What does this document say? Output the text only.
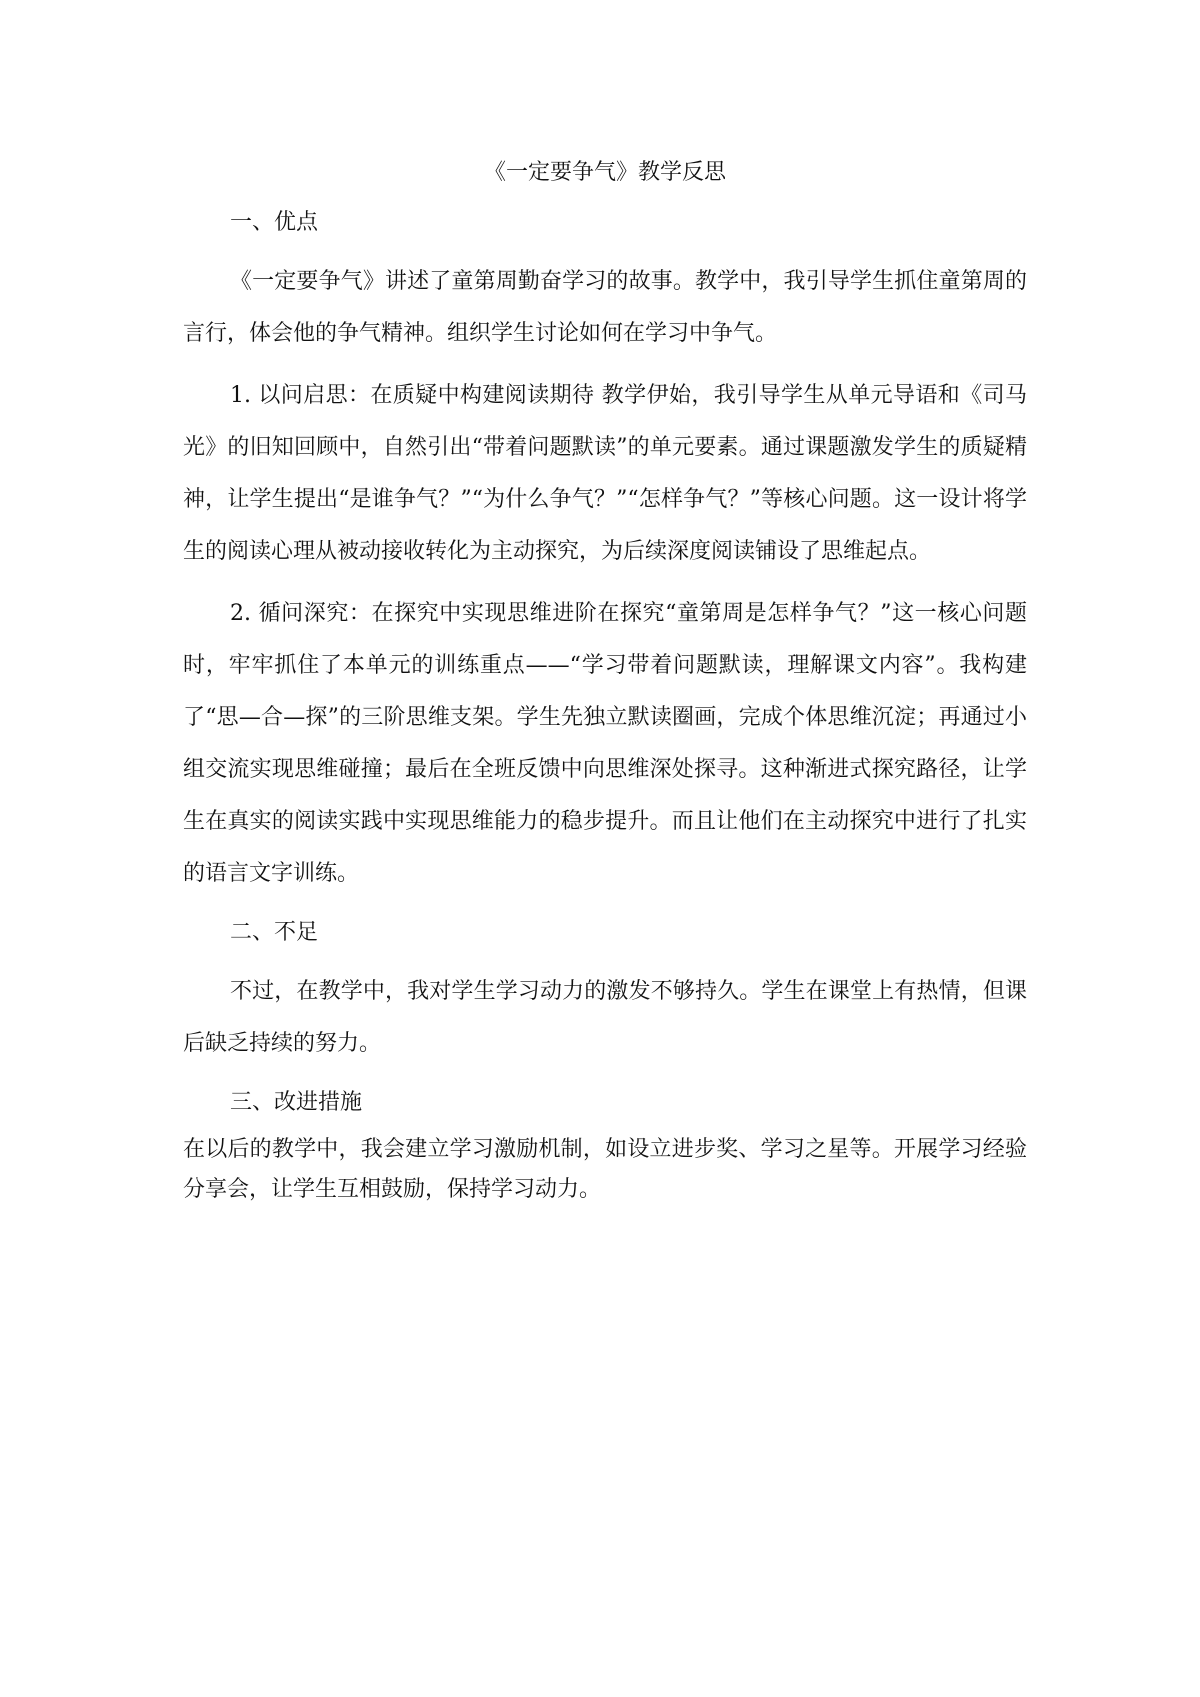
《一定要争气》教学反思

一、优点

《一定要争气》讲述了童第周勤奋学习的故事。教学中，我引导学生抓住童第周的言行，体会他的争气精神。组织学生讨论如何在学习中争气。

1. 以问启思：在质疑中构建阅读期待 教学伊始，我引导学生从单元导语和《司马光》的旧知回顾中，自然引出“带着问题默读”的单元要素。通过课题激发学生的质疑精神，让学生提出“是谁争气？”“为什么争气？”“怎样争气？”等核心问题。这一设计将学生的阅读心理从被动接收转化为主动探究，为后续深度阅读铺设了思维起点。

2. 循问深究：在探究中实现思维进阶在探究“童第周是怎样争气？”这一核心问题时，牢牢抓住了本单元的训练重点——“学习带着问题默读，理解课文内容”。我构建了“思—合—探”的三阶思维支架。学生先独立默读圈画，完成个体思维沉淀；再通过小组交流实现思维碰撞；最后在全班反馈中向思维深处探寻。这种渐进式探究路径，让学生在真实的阅读实践中实现思维能力的稳步提升。而且让他们在主动探究中进行了扎实的语言文字训练。

二、不足

不过，在教学中，我对学生学习动力的激发不够持久。学生在课堂上有热情，但课后缺乏持续的努力。

三、改进措施

在以后的教学中，我会建立学习激励机制，如设立进步奖、学习之星等。开展学习经验分享会，让学生互相鼓励，保持学习动力。
